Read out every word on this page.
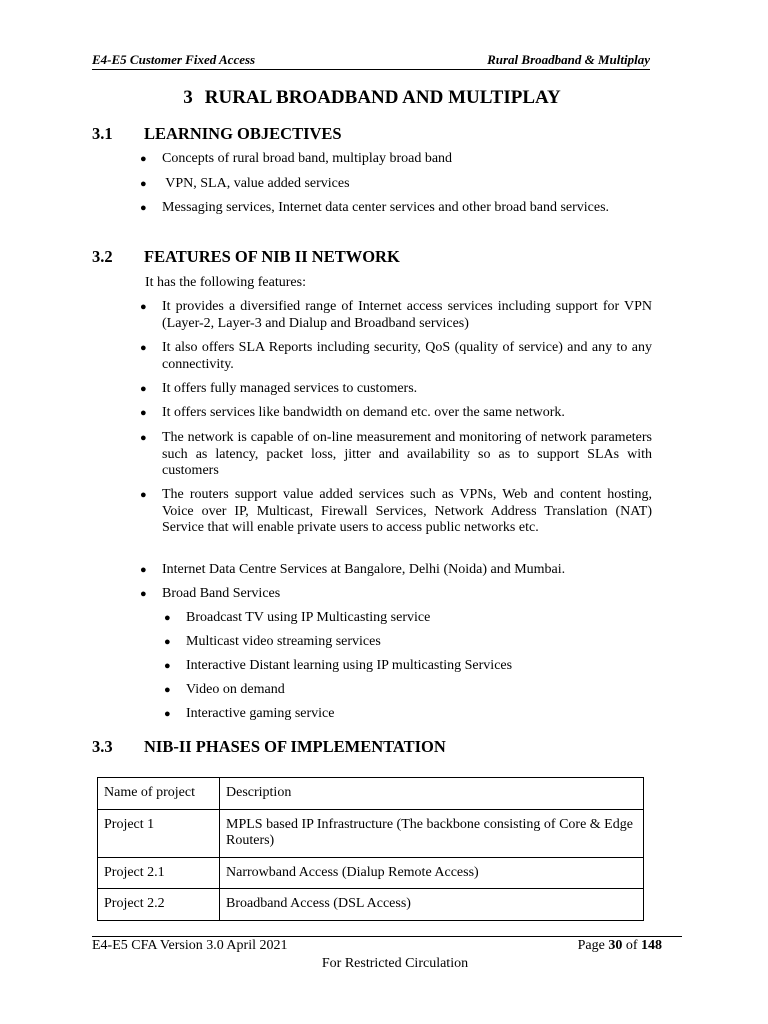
E4-E5 Customer Fixed Access	Rural Broadband & Multiplay
3 RURAL BROADBAND AND MULTIPLAY
3.1 LEARNING OBJECTIVES
● Concepts of rural broad band, multiplay broad band
● VPN, SLA, value added services
● Messaging services, Internet data center services and other broad band services.
3.2 FEATURES OF NIB II NETWORK
It has the following features:
● It provides a diversified range of Internet access services including support for VPN (Layer-2, Layer-3 and Dialup and Broadband services)
● It also offers SLA Reports including security, QoS (quality of service) and any to any connectivity.
● It offers fully managed services to customers.
● It offers services like bandwidth on demand etc. over the same network.
● The network is capable of on-line measurement and monitoring of network parameters such as latency, packet loss, jitter and availability so as to support SLAs with customers
● The routers support value added services such as VPNs, Web and content hosting, Voice over IP, Multicast, Firewall Services, Network Address Translation (NAT) Service that will enable private users to access public networks etc.
● Internet Data Centre Services at Bangalore, Delhi (Noida) and Mumbai.
● Broad Band Services
● Broadcast TV using IP Multicasting service
● Multicast video streaming services
● Interactive Distant learning using IP multicasting Services
● Video on demand
● Interactive gaming service
3.3 NIB-II PHASES OF IMPLEMENTATION
Name of project	Description
Project 1	MPLS based IP Infrastructure (The backbone consisting of Core & Edge Routers)
Project 2.1	Narrowband Access (Dialup Remote Access)
Project 2.2	Broadband Access (DSL Access)
E4-E5 CFA Version 3.0 April 2021	Page 30 of 148
For Restricted Circulation
